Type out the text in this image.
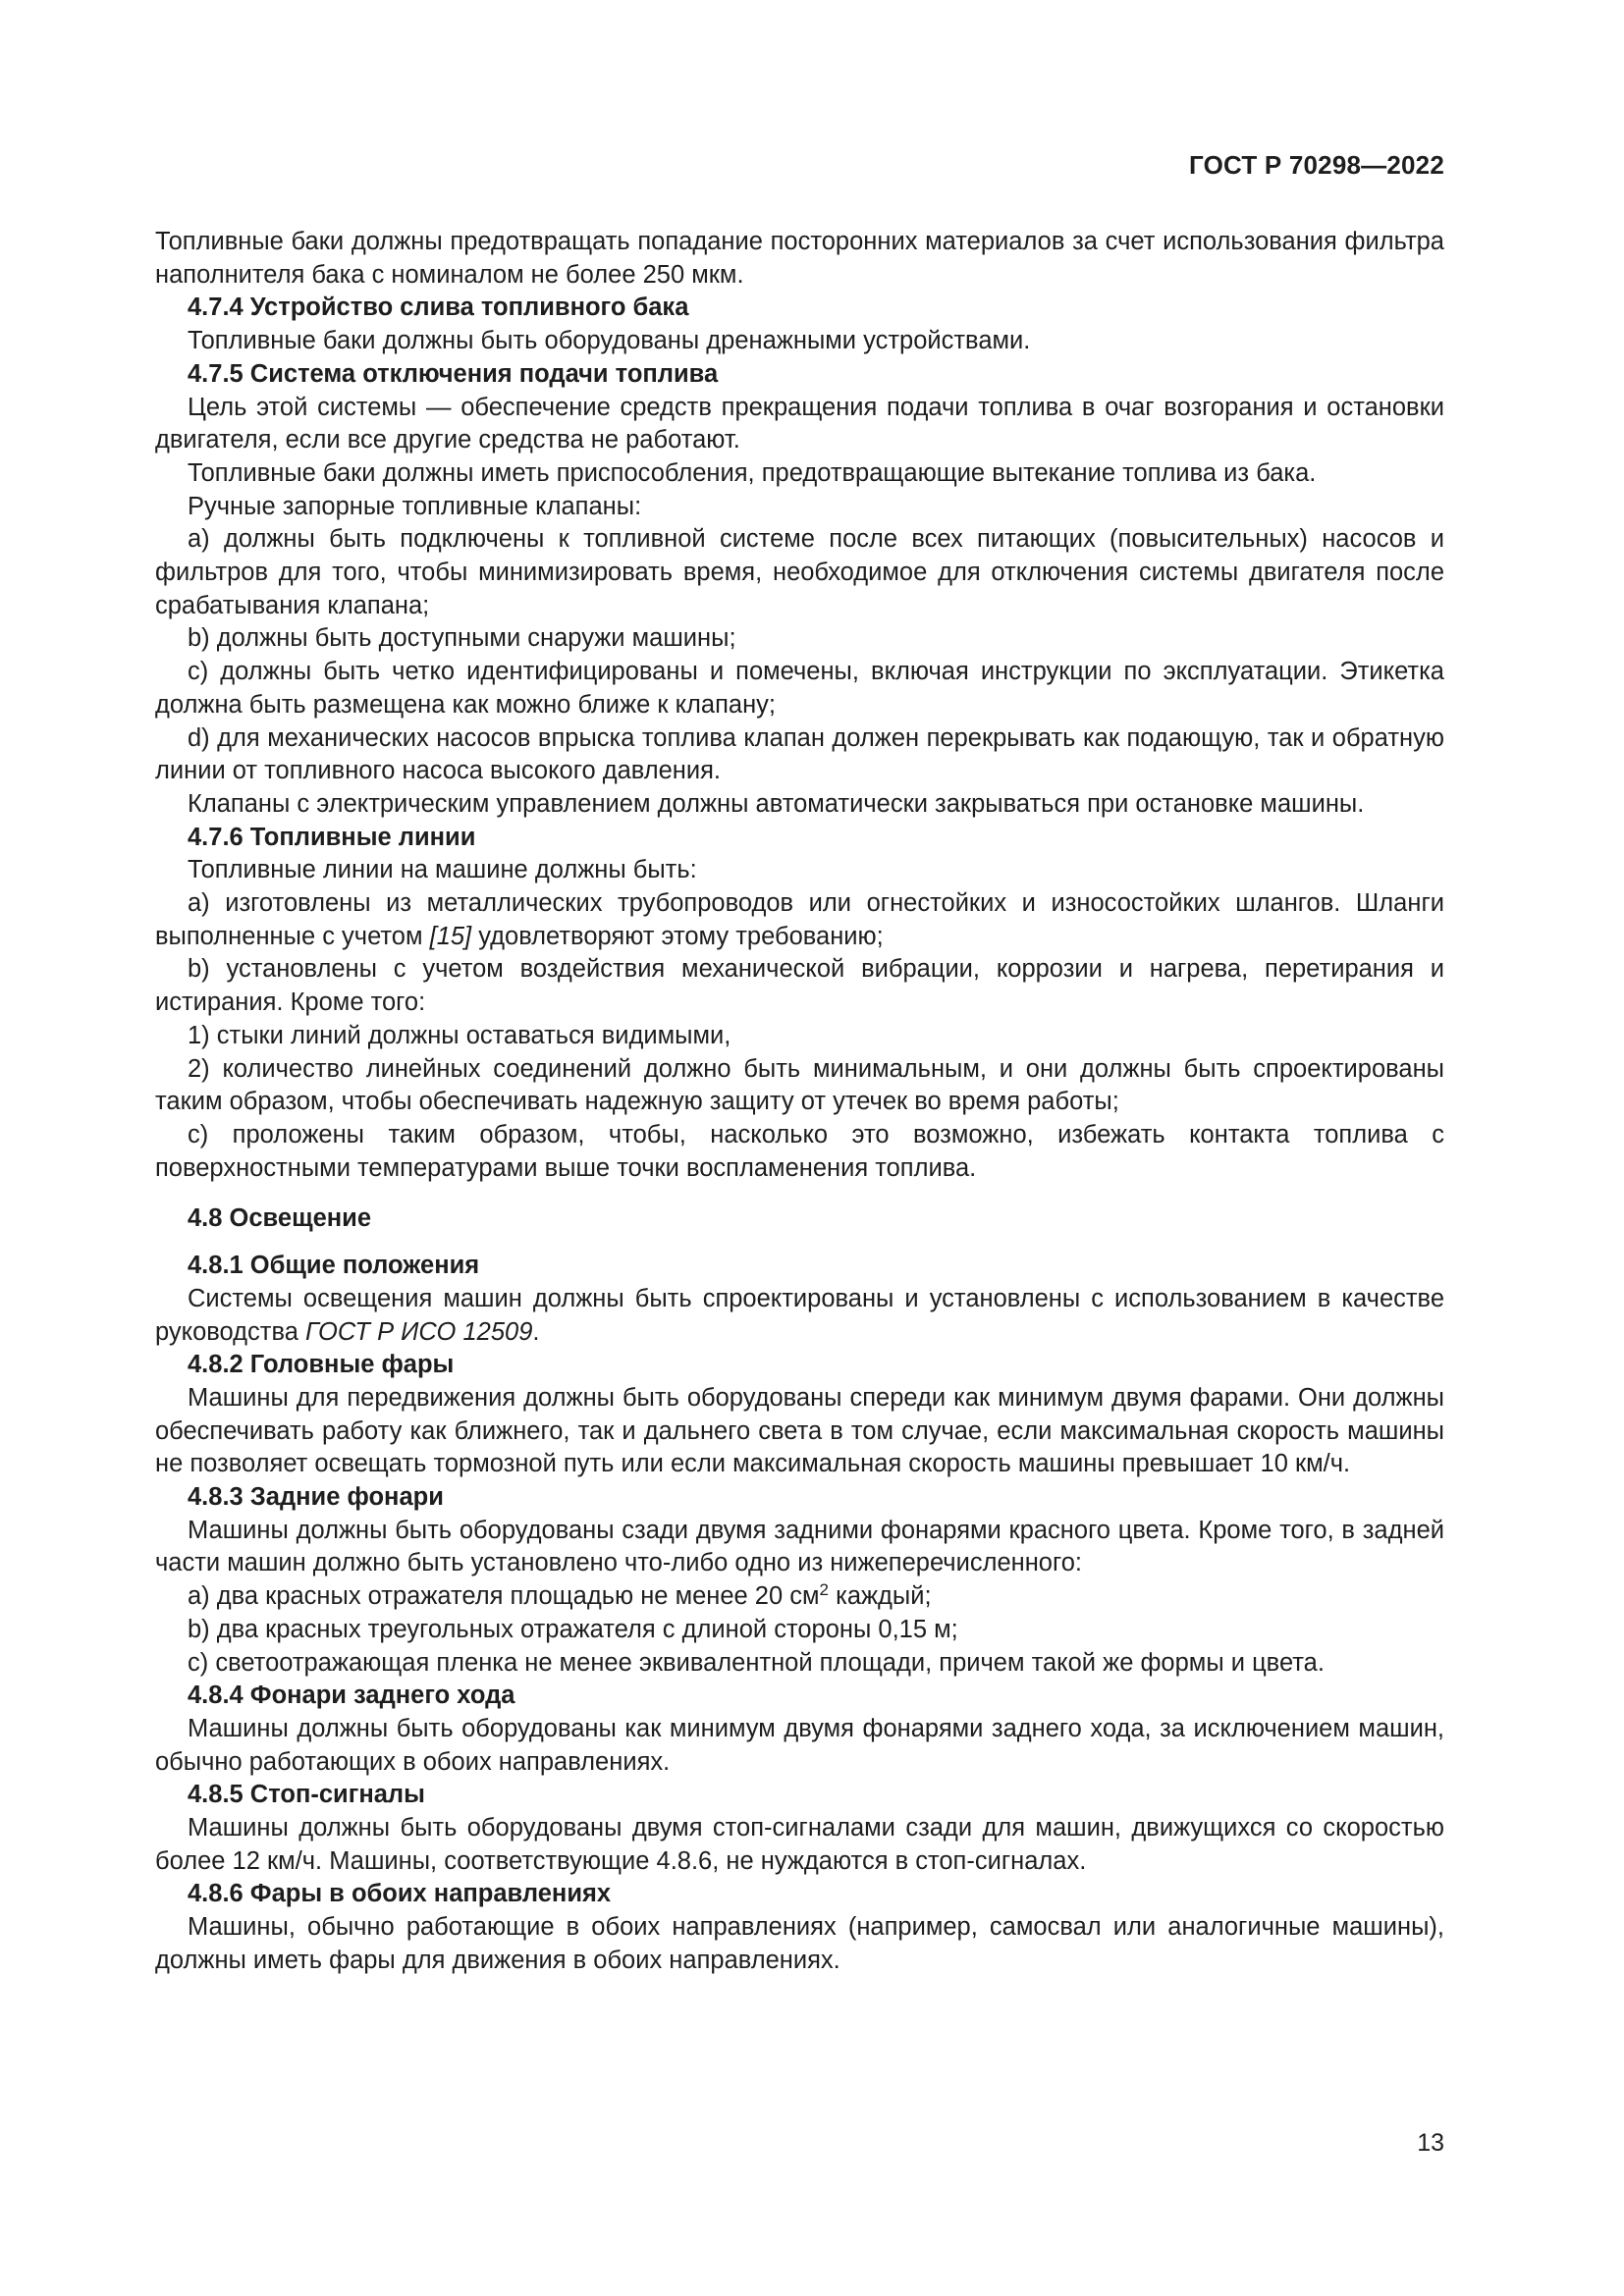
ГОСТ Р 70298—2022

Топливные баки должны предотвращать попадание посторонних материалов за счет использования фильтра наполнителя бака с номиналом не более 250 мкм.

4.7.4 Устройство слива топливного бака

Топливные баки должны быть оборудованы дренажными устройствами.

4.7.5 Система отключения подачи топлива

Цель этой системы — обеспечение средств прекращения подачи топлива в очаг возгорания и остановки двигателя, если все другие средства не работают.

Топливные баки должны иметь приспособления, предотвращающие вытекание топлива из бака.

Ручные запорные топливные клапаны:

а) должны быть подключены к топливной системе после всех питающих (повысительных) насосов и фильтров для того, чтобы минимизировать время, необходимое для отключения системы двигателя после срабатывания клапана;

b) должны быть доступными снаружи машины;

c) должны быть четко идентифицированы и помечены, включая инструкции по эксплуатации. Этикетка должна быть размещена как можно ближе к клапану;

d) для механических насосов впрыска топлива клапан должен перекрывать как подающую, так и обратную линии от топливного насоса высокого давления.

Клапаны с электрическим управлением должны автоматически закрываться при остановке машины.

4.7.6 Топливные линии

Топливные линии на машине должны быть:

а) изготовлены из металлических трубопроводов или огнестойких и износостойких шлангов. Шланги выполненные с учетом [15] удовлетворяют этому требованию;

b) установлены с учетом воздействия механической вибрации, коррозии и нагрева, перетирания и истирания. Кроме того:

1) стыки линий должны оставаться видимыми,

2) количество линейных соединений должно быть минимальным, и они должны быть спроектированы таким образом, чтобы обеспечивать надежную защиту от утечек во время работы;

c) проложены таким образом, чтобы, насколько это возможно, избежать контакта топлива с поверхностными температурами выше точки воспламенения топлива.

4.8 Освещение

4.8.1 Общие положения

Системы освещения машин должны быть спроектированы и установлены с использованием в качестве руководства ГОСТ Р ИСО 12509.

4.8.2 Головные фары

Машины для передвижения должны быть оборудованы спереди как минимум двумя фарами. Они должны обеспечивать работу как ближнего, так и дальнего света в том случае, если максимальная скорость машины не позволяет освещать тормозной путь или если максимальная скорость машины превышает 10 км/ч.

4.8.3 Задние фонари

Машины должны быть оборудованы сзади двумя задними фонарями красного цвета. Кроме того, в задней части машин должно быть установлено что-либо одно из нижеперечисленного:

а) два красных отражателя площадью не менее 20 $см^2$ каждый;

b) два красных треугольных отражателя с длиной стороны 0,15 м;

c) светоотражающая пленка не менее эквивалентной площади, причем такой же формы и цвета.

4.8.4 Фонари заднего хода

Машины должны быть оборудованы как минимум двумя фонарями заднего хода, за исключением машин, обычно работающих в обоих направлениях.

4.8.5 Стоп-сигналы

Машины должны быть оборудованы двумя стоп-сигналами сзади для машин, движущихся со скоростью более 12 км/ч. Машины, соответствующие 4.8.6, не нуждаются в стоп-сигналах.

4.8.6 Фары в обоих направлениях

Машины, обычно работающие в обоих направлениях (например, самосвал или аналогичные машины), должны иметь фары для движения в обоих направлениях.

13
